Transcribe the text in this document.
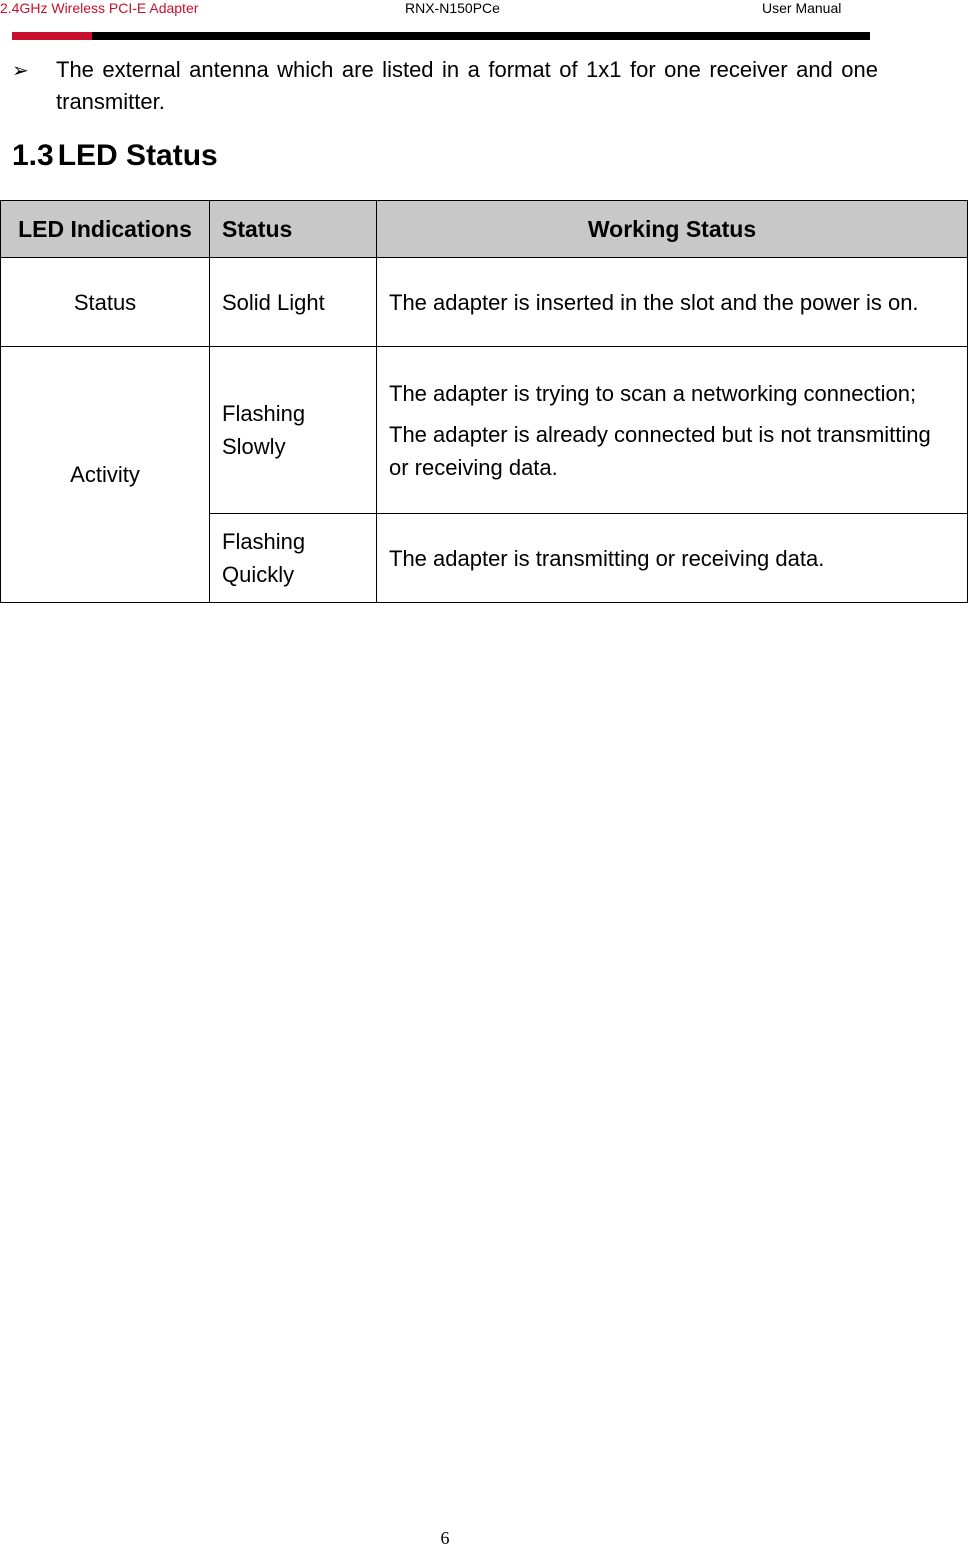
2.4GHz Wireless PCI-E Adapter	RNX-N150PCe	User Manual
➢ The external antenna which are listed in a format of 1x1 for one receiver and one transmitter.
1.3 LED Status
LED Indications	Status	Working Status
Status	Solid Light	The adapter is inserted in the slot and the power is on.

Activity	Flashing Slowly	The adapter is trying to scan a networking connection;

The adapter is already connected but is not transmitting or receiving data.

	Flashing Quickly	The adapter is transmitting or receiving data.

6
